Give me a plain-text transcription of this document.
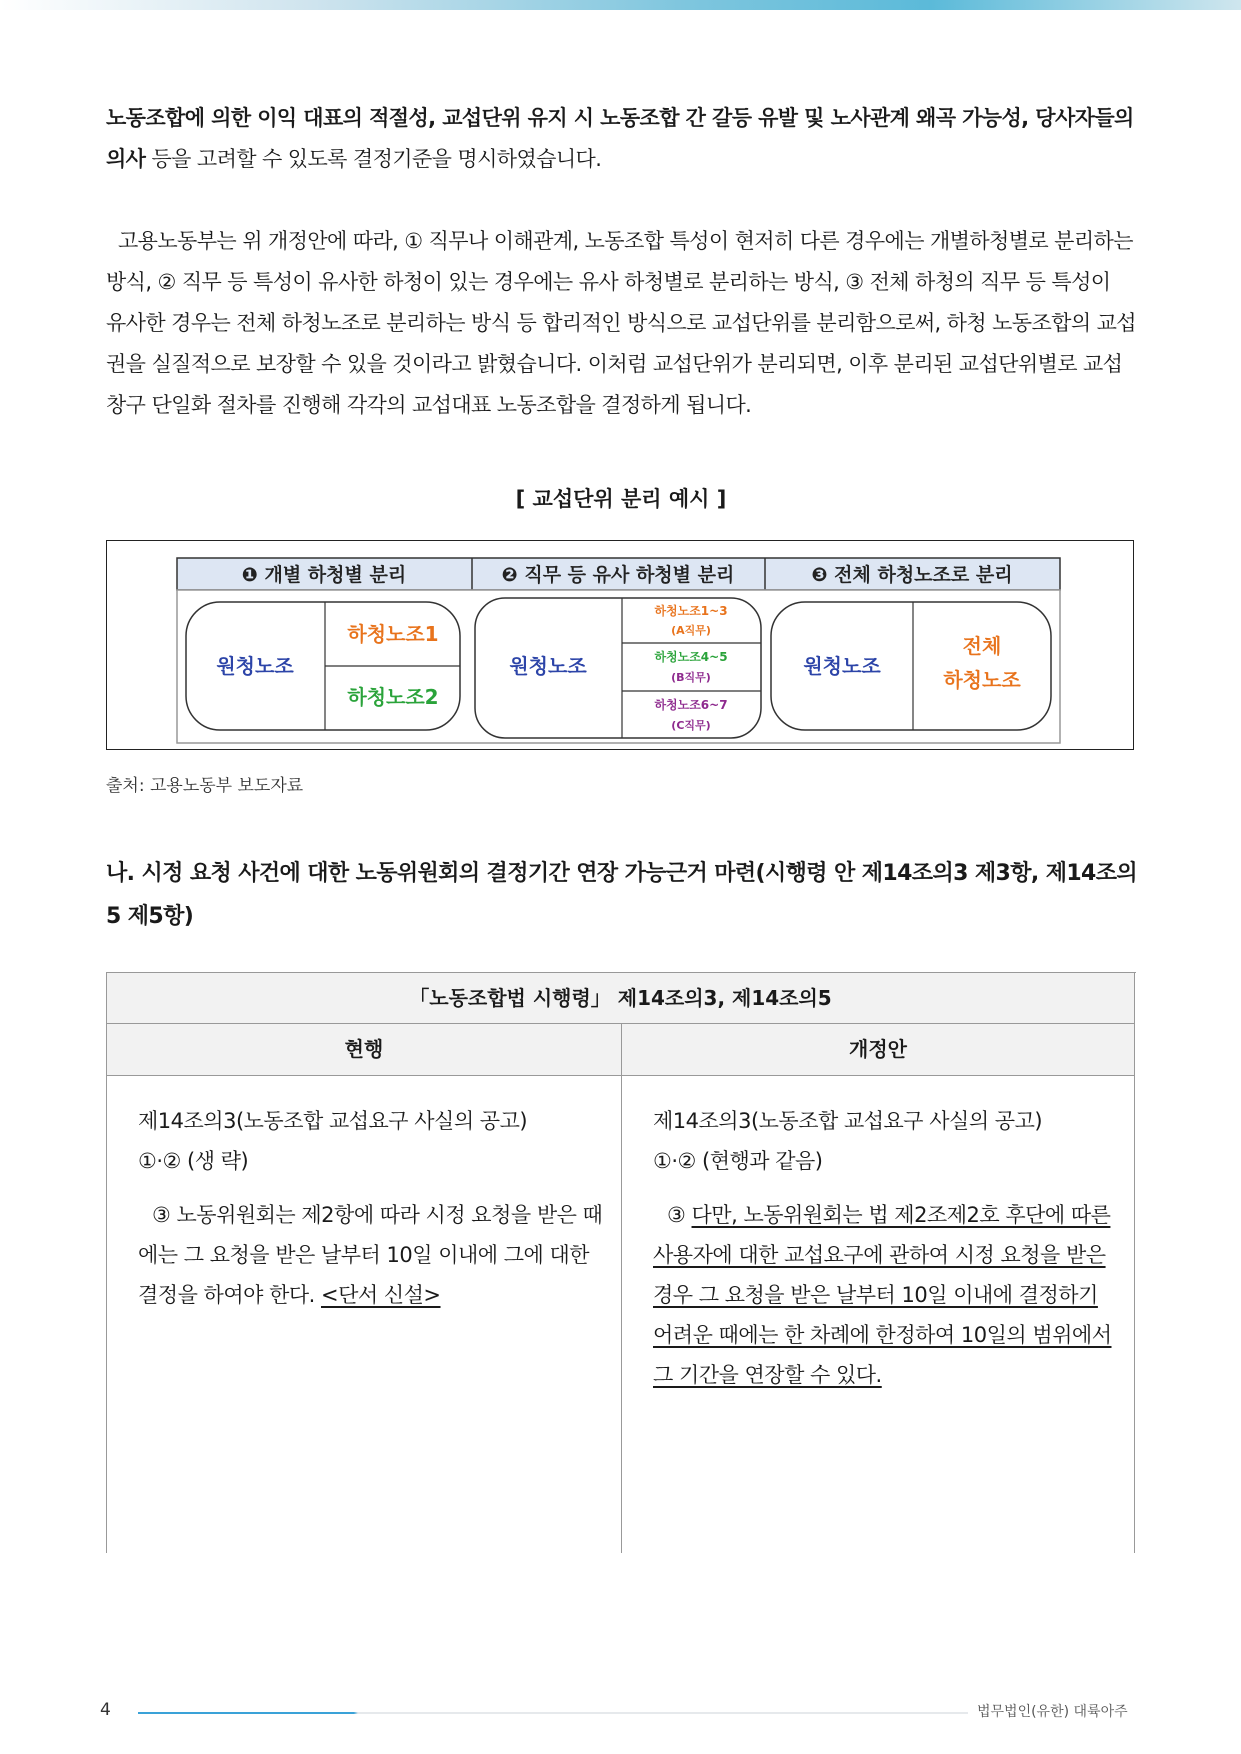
노동조합에 의한 이익 대표의 적절성, 교섭단위 유지 시 노동조합 간 갈등 유발 및 노사관계 왜곡 가능성, 당사자들의 의사 등을 고려할 수 있도록 결정기준을 명시하였습니다.

고용노동부는 위 개정안에 따라, ① 직무나 이해관계, 노동조합 특성이 현저히 다른 경우에는 개별하청별로 분리하는 방식, ② 직무 등 특성이 유사한 하청이 있는 경우에는 유사 하청별로 분리하는 방식, ③ 전체 하청의 직무 등 특성이 유사한 경우는 전체 하청노조로 분리하는 방식 등 합리적인 방식으로 교섭단위를 분리함으로써, 하청 노동조합의 교섭권을 실질적으로 보장할 수 있을 것이라고 밝혔습니다. 이처럼 교섭단위가 분리되면, 이후 분리된 교섭단위별로 교섭창구 단일화 절차를 진행해 각각의 교섭대표 노동조합을 결정하게 됩니다.

[ 교섭단위 분리 예시 ]
❶ 개별 하청별 분리	❷ 직무 등 유사 하청별 분리	❸ 전체 하청노조로 분리
원청노조
하청노조1
하청노조2
원청노조
하청노조1~3
(A직무)
하청노조4~5
(B직무)
하청노조6~7
(C직무)
원청노조
전체
하청노조
출처: 고용노동부 보도자료

나. 시정 요청 사건에 대한 노동위원회의 결정기간 연장 가능근거 마련(시행령 안 제14조의3 제3항, 제14조의5 제5항)

「노동조합법 시행령」 제14조의3, 제14조의5
현행	개정안

제14조의3(노동조합 교섭요구 사실의 공고)

①·② (생 략)

③ 노동위원회는 제2항에 따라 시정 요청을 받은 때에는 그 요청을 받은 날부터 10일 이내에 그에 대한 결정을 하여야 한다. <단서 신설>

제14조의3(노동조합 교섭요구 사실의 공고)

①·② (현행과 같음)

③ 다만, 노동위원회는 법 제2조제2호 후단에 따른 사용자에 대한 교섭요구에 관하여 시정 요청을 받은 경우 그 요청을 받은 날부터 10일 이내에 결정하기 어려운 때에는 한 차례에 한정하여 10일의 범위에서 그 기간을 연장할 수 있다.

4	법무법인(유한) 대륙아주
